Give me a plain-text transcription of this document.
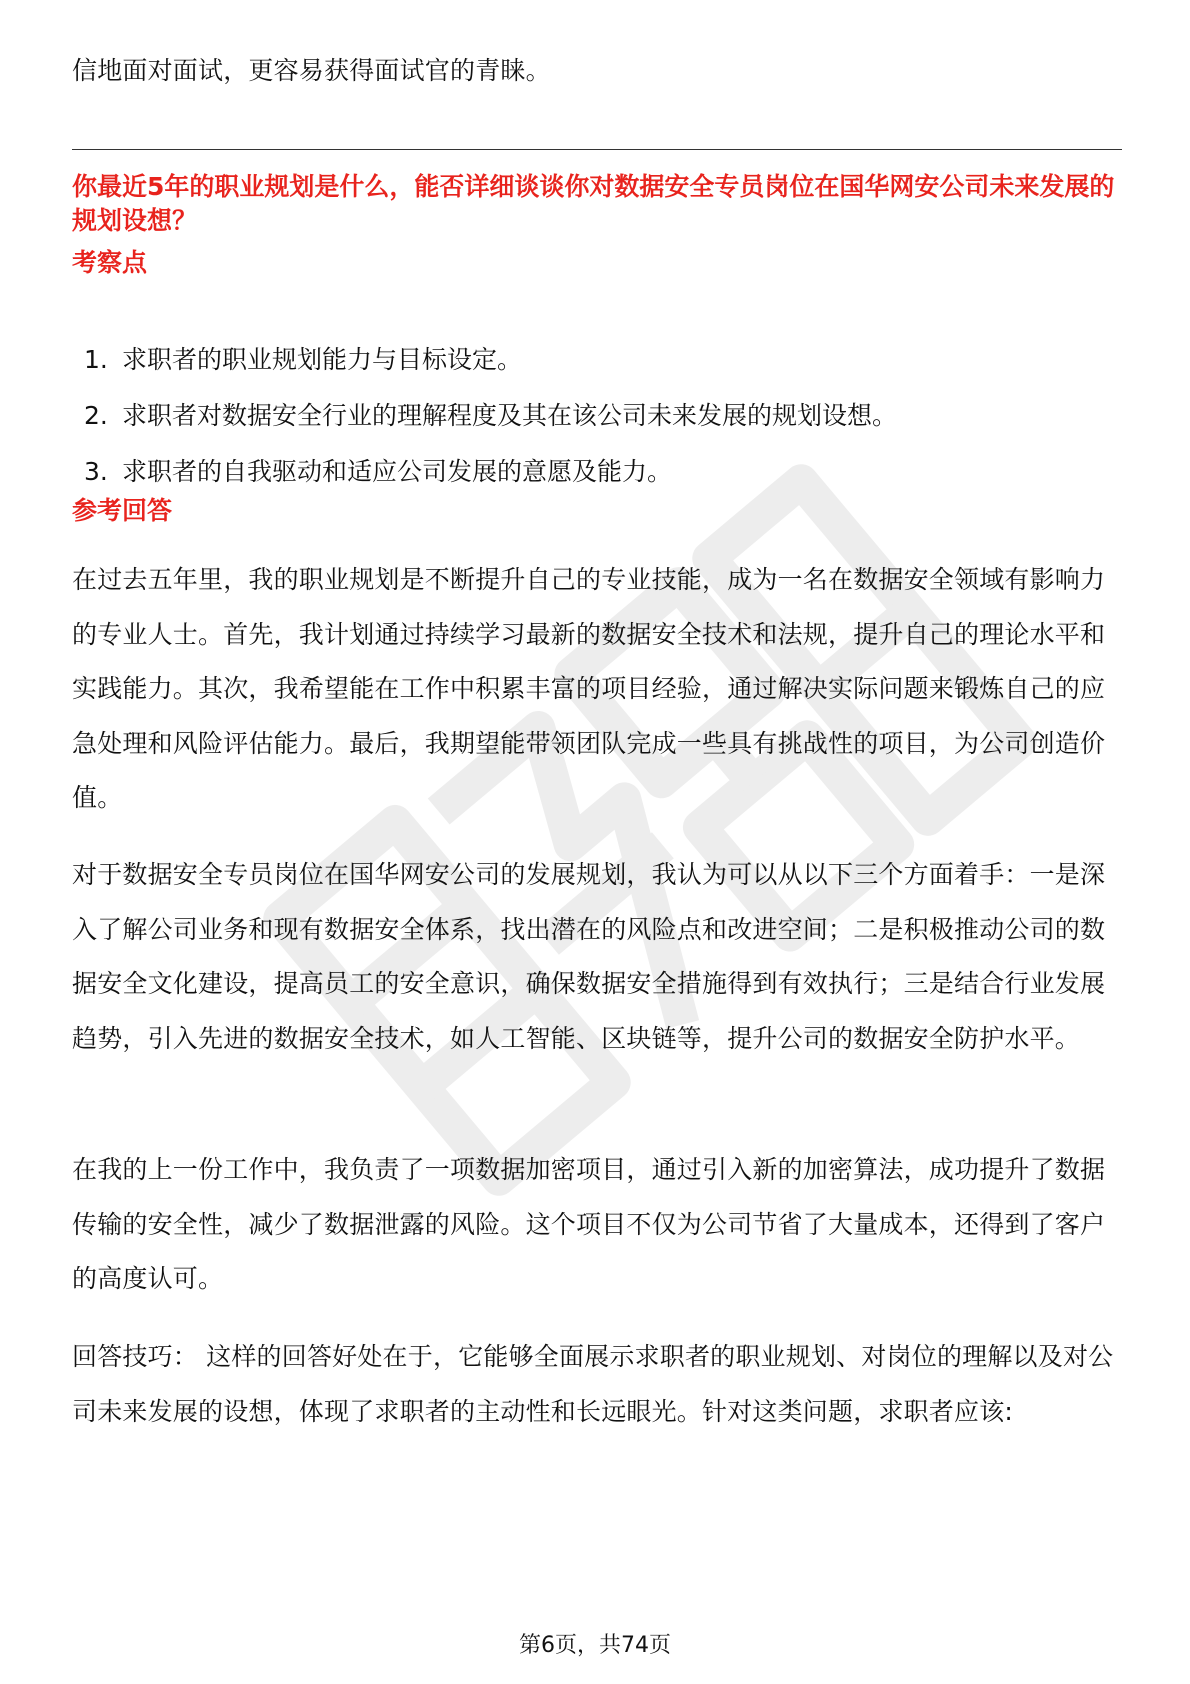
信地面对面试，更容易获得面试官的青睐。

你最近5年的职业规划是什么，能否详细谈谈你对数据安全专员岗位在国华网安公司未来发展的规划设想？

考察点

1. 求职者的职业规划能力与目标设定。
2. 求职者对数据安全行业的理解程度及其在该公司未来发展的规划设想。
3. 求职者的自我驱动和适应公司发展的意愿及能力。

参考回答

在过去五年里，我的职业规划是不断提升自己的专业技能，成为一名在数据安全领域有影响力的专业人士。首先，我计划通过持续学习最新的数据安全技术和法规，提升自己的理论水平和实践能力。其次，我希望能在工作中积累丰富的项目经验，通过解决实际问题来锻炼自己的应急处理和风险评估能力。最后，我期望能带领团队完成一些具有挑战性的项目，为公司创造价值。

对于数据安全专员岗位在国华网安公司的发展规划，我认为可以从以下三个方面着手：一是深入了解公司业务和现有数据安全体系，找出潜在的风险点和改进空间；二是积极推动公司的数据安全文化建设，提高员工的安全意识，确保数据安全措施得到有效执行；三是结合行业发展趋势，引入先进的数据安全技术，如人工智能、区块链等，提升公司的数据安全防护水平。

在我的上一份工作中，我负责了一项数据加密项目，通过引入新的加密算法，成功提升了数据传输的安全性，减少了数据泄露的风险。这个项目不仅为公司节省了大量成本，还得到了客户的高度认可。

回答技巧： 这样的回答好处在于，它能够全面展示求职者的职业规划、对岗位的理解以及对公司未来发展的设想，体现了求职者的主动性和长远眼光。针对这类问题，求职者应该:

第6页，共74页
